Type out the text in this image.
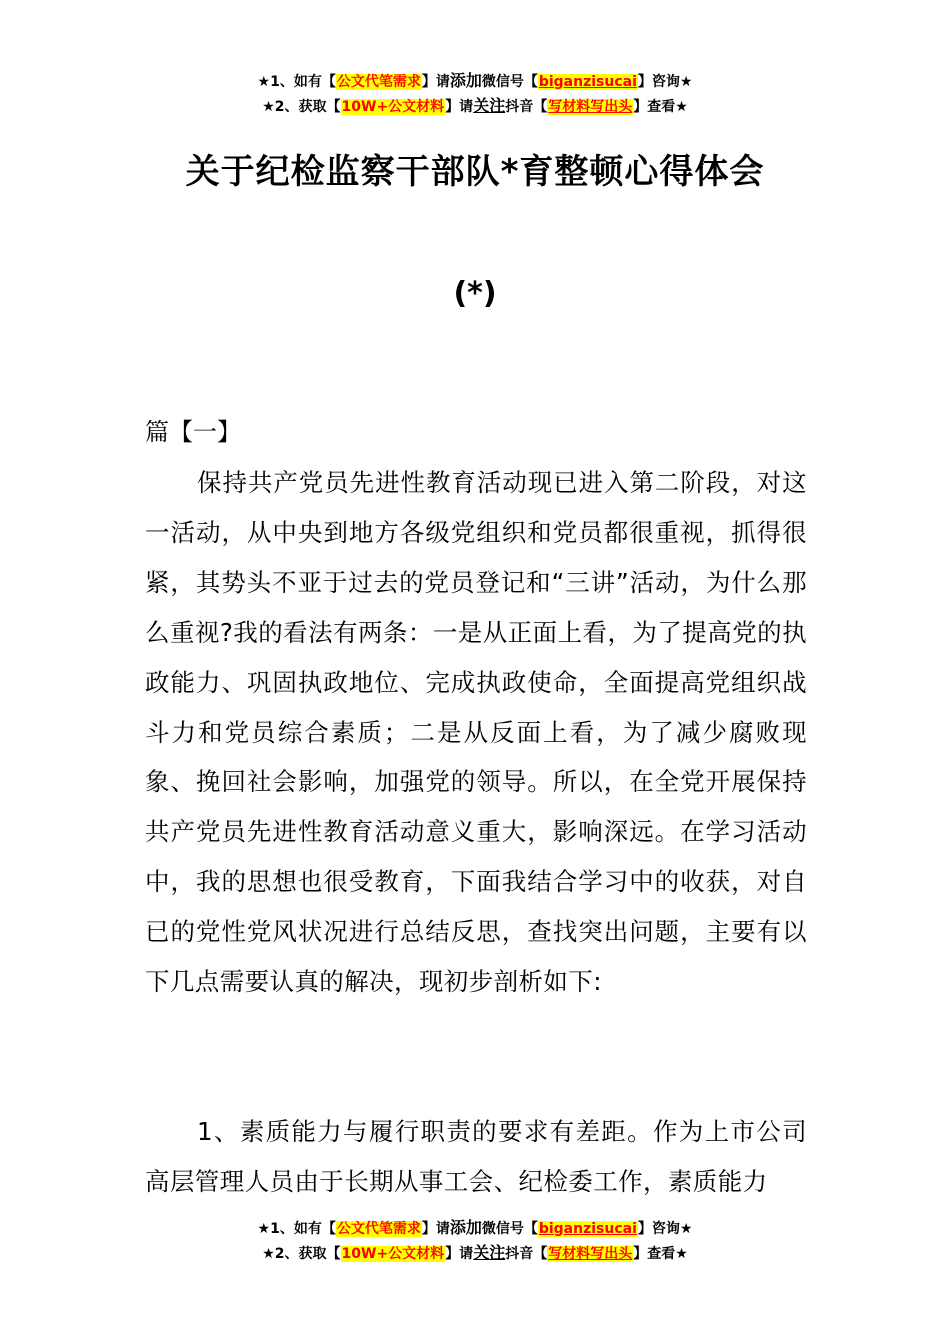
★1、如有【公文代笔需求】请添加微信号【biganzisucai】咨询★
★2、获取【10W+公文材料】请关注抖音【写材料写出头】查看★
关于纪检监察干部队*育整顿心得体会
(*)
篇【一】

保持共产党员先进性教育活动现已进入第二阶段，对这一活动，从中央到地方各级党组织和党员都很重视，抓得很紧，其势头不亚于过去的党员登记和“三讲”活动，为什么那么重视?我的看法有两条：一是从正面上看，为了提高党的执政能力、巩固执政地位、完成执政使命，全面提高党组织战斗力和党员综合素质；二是从反面上看，为了减少腐败现象、挽回社会影响，加强党的领导。所以，在全党开展保持共产党员先进性教育活动意义重大，影响深远。在学习活动中，我的思想也很受教育，下面我结合学习中的收获，对自已的党性党风状况进行总结反思，查找突出问题，主要有以下几点需要认真的解决，现初步剖析如下:

1、素质能力与履行职责的要求有差距。作为上市公司高层管理人员由于长期从事工会、纪检委工作，素质能力

★1、如有【公文代笔需求】请添加微信号【biganzisucai】咨询★
★2、获取【10W+公文材料】请关注抖音【写材料写出头】查看★
